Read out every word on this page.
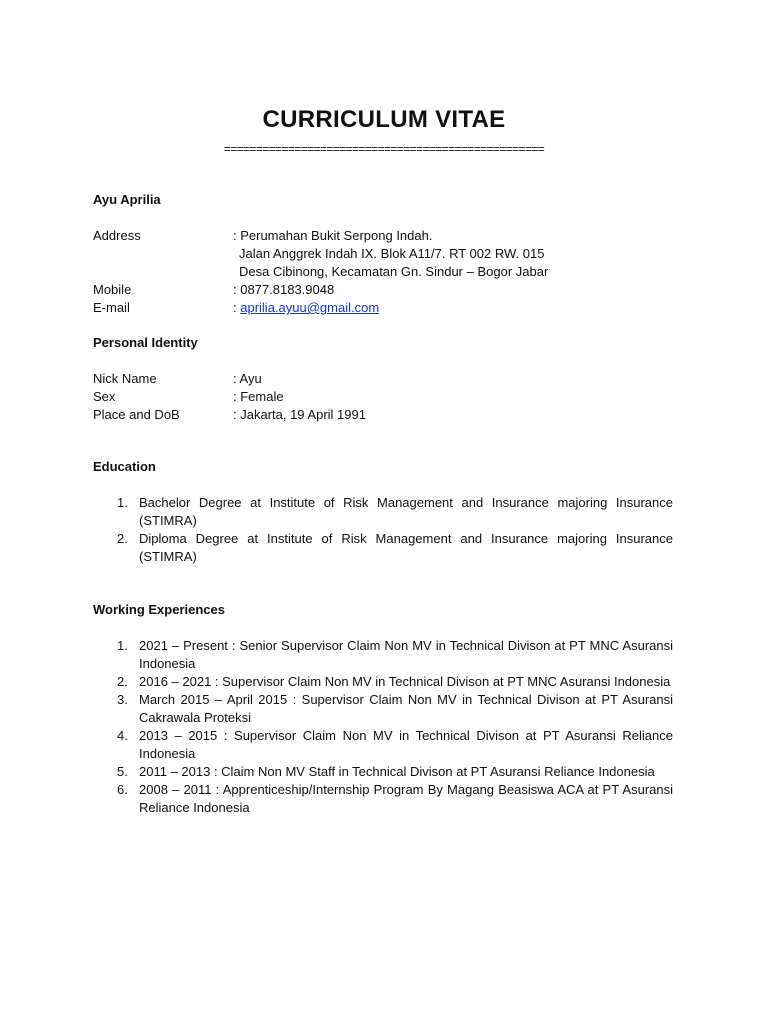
CURRICULUM VITAE
==================================================
Ayu Aprilia
Address	: Perumahan Bukit Serpong Indah.
Jalan Anggrek Indah IX. Blok A11/7. RT 002 RW. 015
Desa Cibinong, Kecamatan Gn. Sindur – Bogor Jabar
Mobile	: 0877.8183.9048
E-mail	: aprilia.ayuu@gmail.com
Personal Identity
Nick Name	: Ayu
Sex	: Female
Place and DoB	: Jakarta, 19 April 1991
Education
1. Bachelor Degree at Institute of Risk Management and Insurance majoring Insurance (STIMRA)
2. Diploma Degree at Institute of Risk Management and Insurance majoring Insurance (STIMRA)
Working Experiences
1. 2021 – Present : Senior Supervisor Claim Non MV in Technical Divison at PT MNC Asuransi Indonesia
2. 2016 – 2021 : Supervisor Claim Non MV in Technical Divison at PT MNC Asuransi Indonesia
3. March 2015 – April 2015 : Supervisor Claim Non MV in Technical Divison at PT Asuransi Cakrawala Proteksi
4. 2013 – 2015 : Supervisor Claim Non MV in Technical Divison at PT Asuransi Reliance Indonesia
5. 2011 – 2013 : Claim Non MV Staff in Technical Divison at PT Asuransi Reliance Indonesia
6. 2008 – 2011 : Apprenticeship/Internship Program By Magang Beasiswa ACA at PT Asuransi Reliance Indonesia
